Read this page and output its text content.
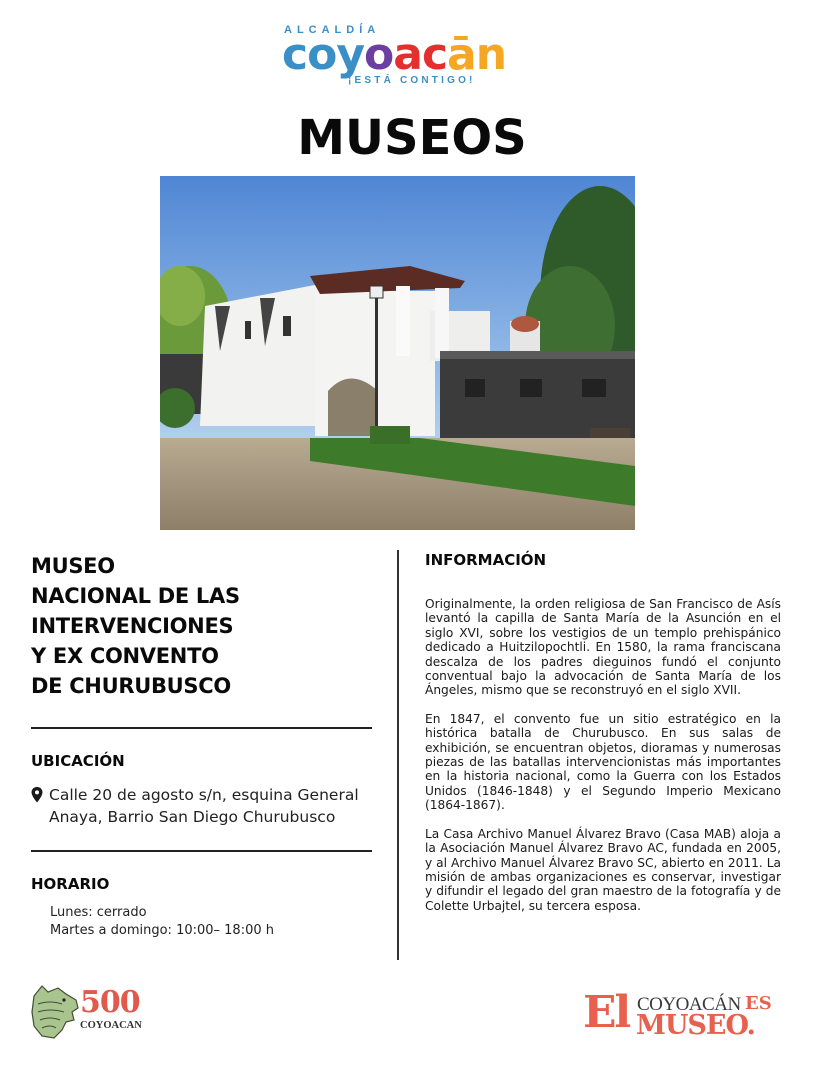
ALCALDÍA
coyoacān
¡ESTÁ CONTIGO!
MUSEOS
MUSEO
NACIONAL DE LAS
INTERVENCIONES
Y EX CONVENTO
DE CHURUBUSCO
UBICACIÓN
Calle 20 de agosto s/n, esquina General
Anaya, Barrio San Diego Churubusco
HORARIO
Lunes: cerrado
Martes a domingo: 10:00– 18:00 h
INFORMACIÓN

Originalmente, la orden religiosa de San Francisco de Asís levantó la capilla de Santa María de la Asunción en el siglo XVI, sobre los vestigios de un templo prehispánico dedicado a Huitzilopochtli. En 1580, la rama franciscana descalza de los padres dieguinos fundó el conjunto conventual bajo la advocación de Santa María de los Ángeles, mismo que se reconstruyó en el siglo XVII.

En 1847, el convento fue un sitio estratégico en la histórica batalla de Churubusco. En sus salas de exhibición, se encuentran objetos, dioramas y numerosas piezas de las batallas intervencionistas más importantes en la historia nacional, como la Guerra con los Estados Unidos (1846-1848) y el Segundo Imperio Mexicano (1864-1867).

La Casa Archivo Manuel Álvarez Bravo (Casa MAB) aloja a la Asociación Manuel Álvarez Bravo AC, fundada en 2005, y al Archivo Manuel Álvarez Bravo SC, abierto en 2011. La misión de ambas organizaciones es conservar, investigar y difundir el legado del gran maestro de la fotografía y de Colette Urbajtel, su tercera esposa.

500
COYOACAN	El COYOACÁN ES
MUSEO.
